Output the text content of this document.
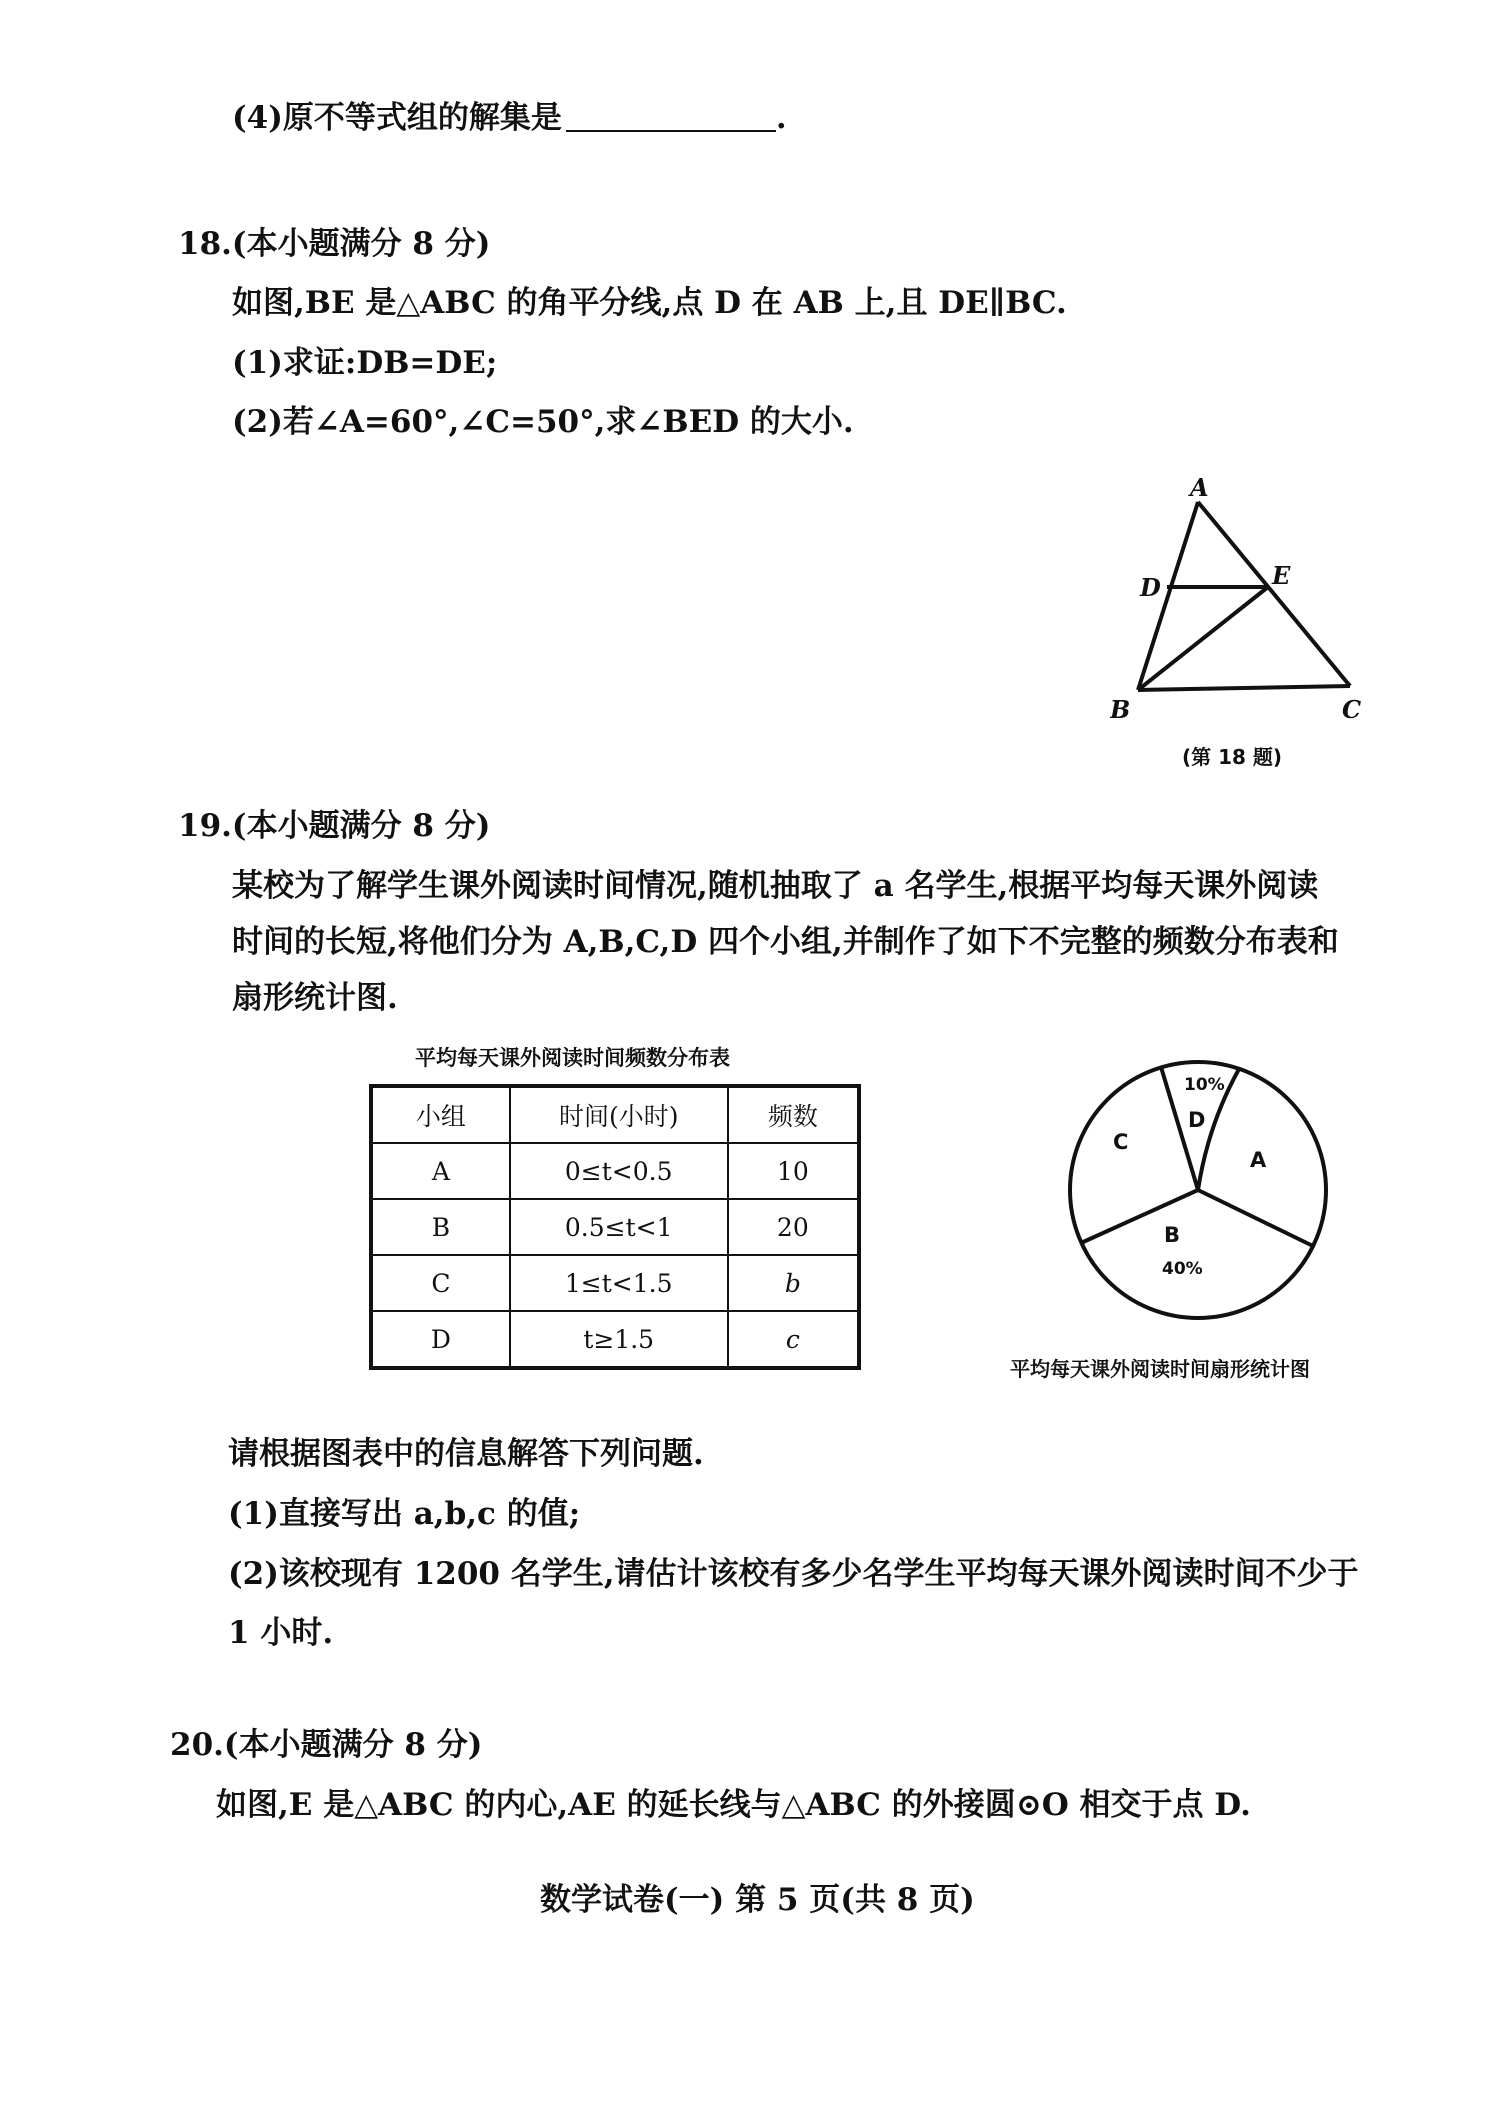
(4)原不等式组的解集是	.
18.(本小题满分 8 分)
如图,BE 是△ABC 的角平分线,点 D 在 AB 上,且 DE∥BC.
(1)求证:DB=DE;
(2)若∠A=60°,∠C=50°,求∠BED 的大小.
A
D	E
B	C
(第 18 题)
19.(本小题满分 8 分)
某校为了解学生课外阅读时间情况,随机抽取了 a 名学生,根据平均每天课外阅读
时间的长短,将他们分为 A,B,C,D 四个小组,并制作了如下不完整的频数分布表和
扇形统计图.
平均每天课外阅读时间频数分布表
小组	时间(小时)	频数
A	0≤t<0.5	10
B	0.5≤t<1	20
C	1≤t<1.5	b
D	t≥1.5	c
10%
D
C
A
B
40%
平均每天课外阅读时间扇形统计图
请根据图表中的信息解答下列问题.
(1)直接写出 a,b,c 的值;
(2)该校现有 1200 名学生,请估计该校有多少名学生平均每天课外阅读时间不少于
1 小时.
20.(本小题满分 8 分)
如图,E 是△ABC 的内心,AE 的延长线与△ABC 的外接圆⊙O 相交于点 D.
数学试卷(一) 第 5 页(共 8 页)
